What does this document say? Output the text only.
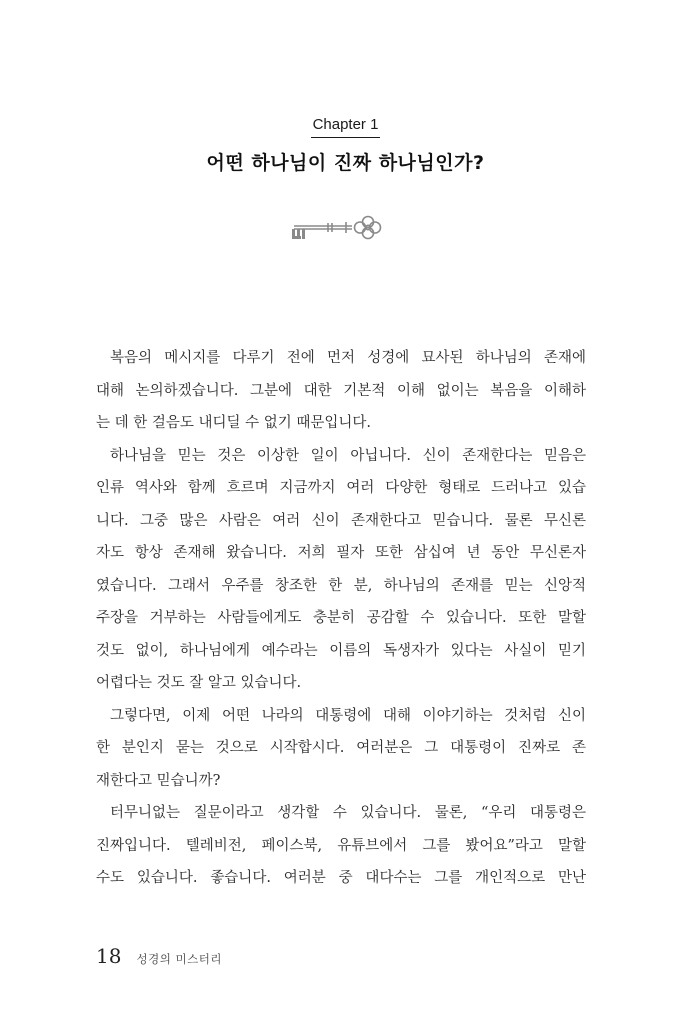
Chapter 1
어떤 하나님이 진짜 하나님인가?
복음의 메시지를 다루기 전에 먼저 성경에 묘사된 하나님의 존재에
대해 논의하겠습니다. 그분에 대한 기본적 이해 없이는 복음을 이해하
는 데 한 걸음도 내디딜 수 없기 때문입니다.
하나님을 믿는 것은 이상한 일이 아닙니다. 신이 존재한다는 믿음은
인류 역사와 함께 흐르며 지금까지 여러 다양한 형태로 드러나고 있습
니다. 그중 많은 사람은 여러 신이 존재한다고 믿습니다. 물론 무신론
자도 항상 존재해 왔습니다. 저희 필자 또한 삼십여 년 동안 무신론자
였습니다. 그래서 우주를 창조한 한 분, 하나님의 존재를 믿는 신앙적
주장을 거부하는 사람들에게도 충분히 공감할 수 있습니다. 또한 말할
것도 없이, 하나님에게 예수라는 이름의 독생자가 있다는 사실이 믿기
어렵다는 것도 잘 알고 있습니다.
그렇다면, 이제 어떤 나라의 대통령에 대해 이야기하는 것처럼 신이
한 분인지 묻는 것으로 시작합시다. 여러분은 그 대통령이 진짜로 존
재한다고 믿습니까?
터무니없는 질문이라고 생각할 수 있습니다. 물론, “우리 대통령은
진짜입니다. 텔레비전, 페이스북, 유튜브에서 그를 봤어요”라고 말할
수도 있습니다. 좋습니다. 여러분 중 대다수는 그를 개인적으로 만난
18 성경의 미스터리
